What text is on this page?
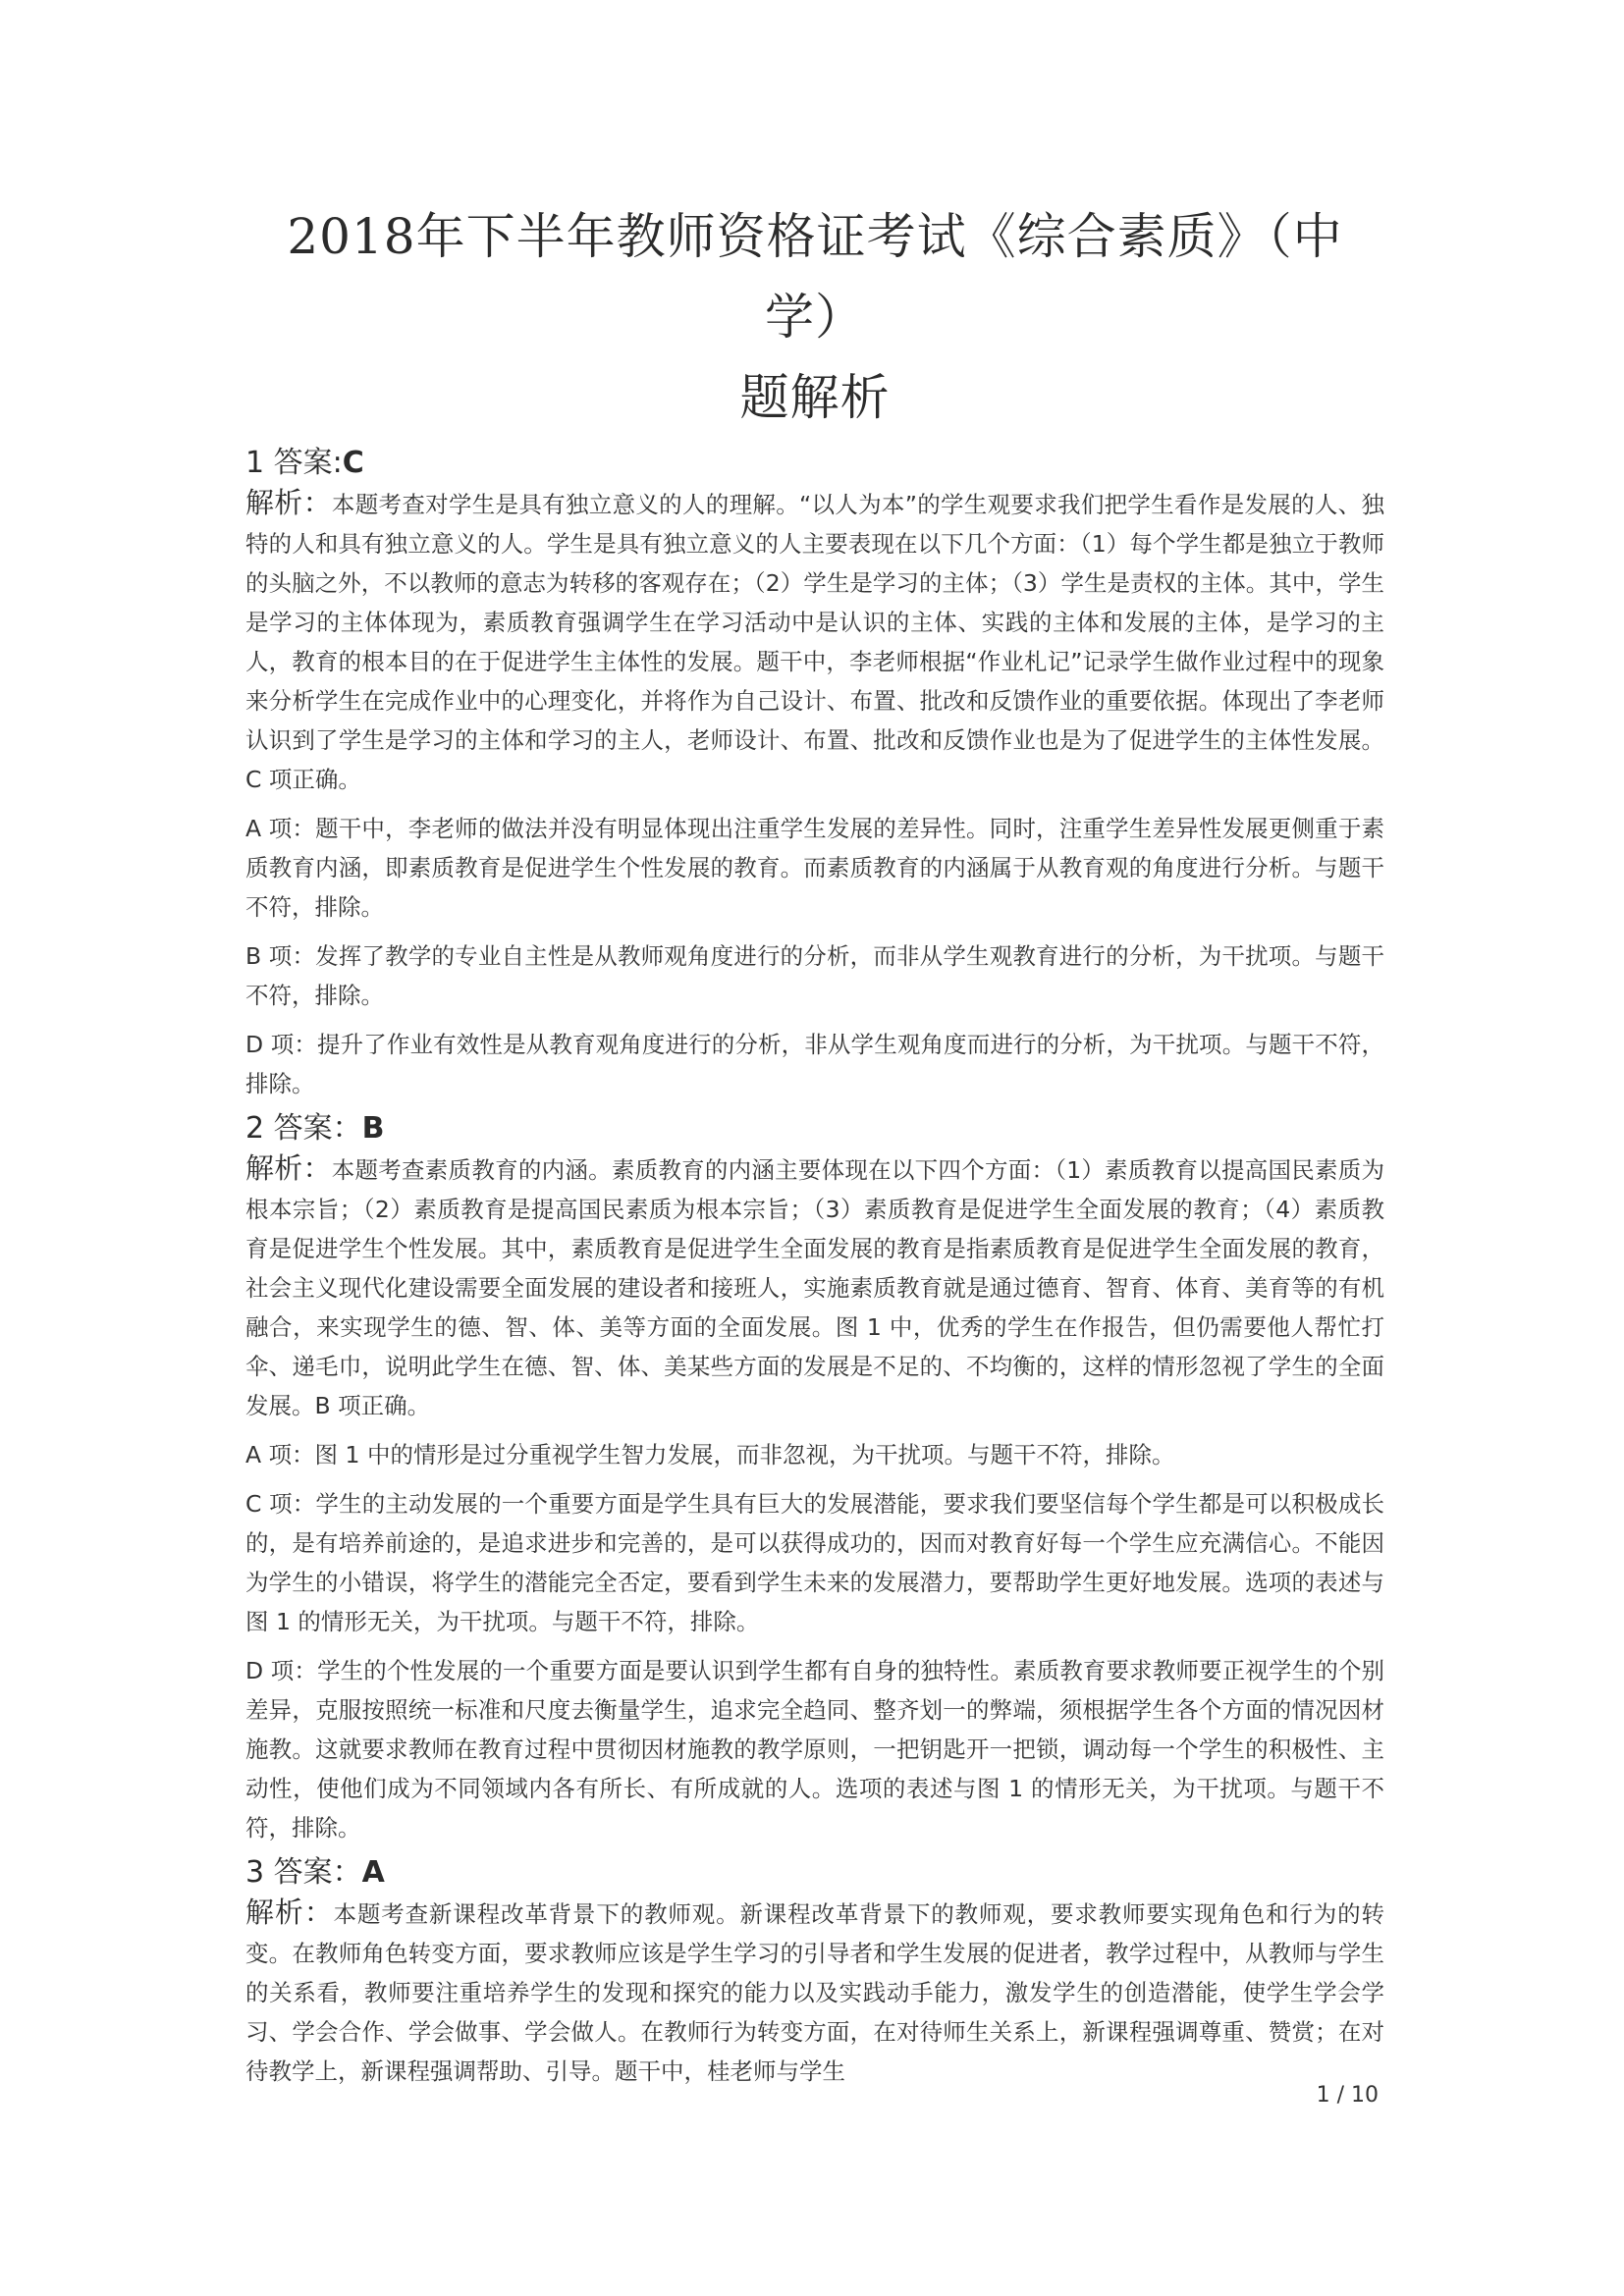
2018年下半年教师资格证考试《综合素质》（中学）
题解析
1 答案:C

解析：本题考查对学生是具有独立意义的人的理解。“以人为本”的学生观要求我们把学生看作是发展的人、独特的人和具有独立意义的人。学生是具有独立意义的人主要表现在以下几个方面：（1）每个学生都是独立于教师的头脑之外，不以教师的意志为转移的客观存在；（2）学生是学习的主体；（3）学生是责权的主体。其中，学生是学习的主体体现为，素质教育强调学生在学习活动中是认识的主体、实践的主体和发展的主体，是学习的主人，教育的根本目的在于促进学生主体性的发展。题干中，李老师根据“作业札记”记录学生做作业过程中的现象来分析学生在完成作业中的心理变化，并将作为自己设计、布置、批改和反馈作业的重要依据。体现出了李老师认识到了学生是学习的主体和学习的主人，老师设计、布置、批改和反馈作业也是为了促进学生的主体性发展。C 项正确。

A 项：题干中，李老师的做法并没有明显体现出注重学生发展的差异性。同时，注重学生差异性发展更侧重于素质教育内涵，即素质教育是促进学生个性发展的教育。而素质教育的内涵属于从教育观的角度进行分析。与题干不符，排除。

B 项：发挥了教学的专业自主性是从教师观角度进行的分析，而非从学生观教育进行的分析，为干扰项。与题干不符，排除。

D 项：提升了作业有效性是从教育观角度进行的分析，非从学生观角度而进行的分析，为干扰项。与题干不符，排除。

2 答案：B

解析：本题考查素质教育的内涵。素质教育的内涵主要体现在以下四个方面：（1）素质教育以提高国民素质为根本宗旨；（2）素质教育是提高国民素质为根本宗旨；（3）素质教育是促进学生全面发展的教育；（4）素质教育是促进学生个性发展。其中，素质教育是促进学生全面发展的教育是指素质教育是促进学生全面发展的教育，社会主义现代化建设需要全面发展的建设者和接班人，实施素质教育就是通过德育、智育、体育、美育等的有机融合，来实现学生的德、智、体、美等方面的全面发展。图 1 中，优秀的学生在作报告，但仍需要他人帮忙打伞、递毛巾，说明此学生在德、智、体、美某些方面的发展是不足的、不均衡的，这样的情形忽视了学生的全面发展。B 项正确。

A 项：图 1 中的情形是过分重视学生智力发展，而非忽视，为干扰项。与题干不符，排除。

C 项：学生的主动发展的一个重要方面是学生具有巨大的发展潜能，要求我们要坚信每个学生都是可以积极成长的，是有培养前途的，是追求进步和完善的，是可以获得成功的，因而对教育好每一个学生应充满信心。不能因为学生的小错误，将学生的潜能完全否定，要看到学生未来的发展潜力，要帮助学生更好地发展。选项的表述与图 1 的情形无关，为干扰项。与题干不符，排除。

D 项：学生的个性发展的一个重要方面是要认识到学生都有自身的独特性。素质教育要求教师要正视学生的个别差异，克服按照统一标准和尺度去衡量学生，追求完全趋同、整齐划一的弊端，须根据学生各个方面的情况因材施教。这就要求教师在教育过程中贯彻因材施教的教学原则，一把钥匙开一把锁，调动每一个学生的积极性、主动性，使他们成为不同领域内各有所长、有所成就的人。选项的表述与图 1 的情形无关，为干扰项。与题干不符，排除。

3 答案：A

解析：本题考查新课程改革背景下的教师观。新课程改革背景下的教师观，要求教师要实现角色和行为的转变。在教师角色转变方面，要求教师应该是学生学习的引导者和学生发展的促进者，教学过程中，从教师与学生的关系看，教师要注重培养学生的发现和探究的能力以及实践动手能力，激发学生的创造潜能，使学生学会学习、学会合作、学会做事、学会做人。在教师行为转变方面，在对待师生关系上，新课程强调尊重、赞赏；在对待教学上，新课程强调帮助、引导。题干中，桂老师与学生

1 / 10
